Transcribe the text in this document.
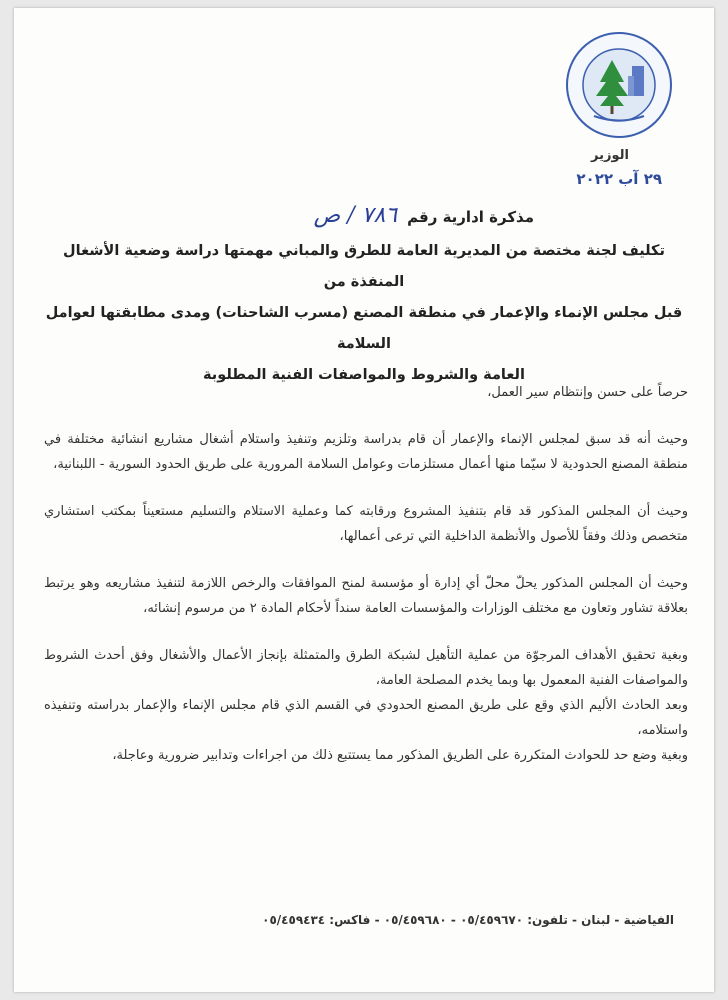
الوزير
٢٩ آب ٢٠٢٢
مذكرة ادارية رقم
٧٨٦ / ص
تكليف لجنة مختصة من المديرية العامة للطرق والمباني مهمتها دراسة وضعية الأشغال المنفذة من
قبل مجلس الإنماء والإعمار في منطقة المصنع (مسرب الشاحنات) ومدى مطابقتها لعوامل السلامة
العامة والشروط والمواصفات الفنية المطلوبة

حرصاً على حسن وإنتظام سير العمل،

وحيث أنه قد سبق لمجلس الإنماء والإعمار أن قام بدراسة وتلزيم وتنفيذ واستلام أشغال مشاريع انشائية مختلفة في منطقة المصنع الحدودية لا سيّما منها أعمال مستلزمات وعوامل السلامة المرورية على طريق الحدود السورية - اللبنانية،

وحيث أن المجلس المذكور قد قام بتنفيذ المشروع ورقابته كما وعملية الاستلام والتسليم مستعيناً بمكتب استشاري متخصص وذلك وفقاً للأصول والأنظمة الداخلية التي ترعى أعمالها،

وحيث أن المجلس المذكور يحلّ محلّ أي إدارة أو مؤسسة لمنح الموافقات والرخص اللازمة لتنفيذ مشاريعه وهو يرتبط بعلاقة تشاور وتعاون مع مختلف الوزارات والمؤسسات العامة سنداً لأحكام المادة ٢ من مرسوم إنشائه،

وبغية تحقيق الأهداف المرجوّة من عملية التأهيل لشبكة الطرق والمتمثلة بإنجاز الأعمال والأشغال وفق أحدث الشروط والمواصفات الفنية المعمول بها وبما يخدم المصلحة العامة،

وبعد الحادث الأليم الذي وقع على طريق المصنع الحدودي في القسم الذي قام مجلس الإنماء والإعمار بدراسته وتنفيذه واستلامه،

وبغية وضع حد للحوادث المتكررة على الطريق المذكور مما يستتبع ذلك من اجراءات وتدابير ضرورية وعاجلة،

الفياضية - لبنان - تلفون: ٠٥/٤٥٩٦٧٠ - ٠٥/٤٥٩٦٨٠ - فاكس: ٠٥/٤٥٩٤٣٤
